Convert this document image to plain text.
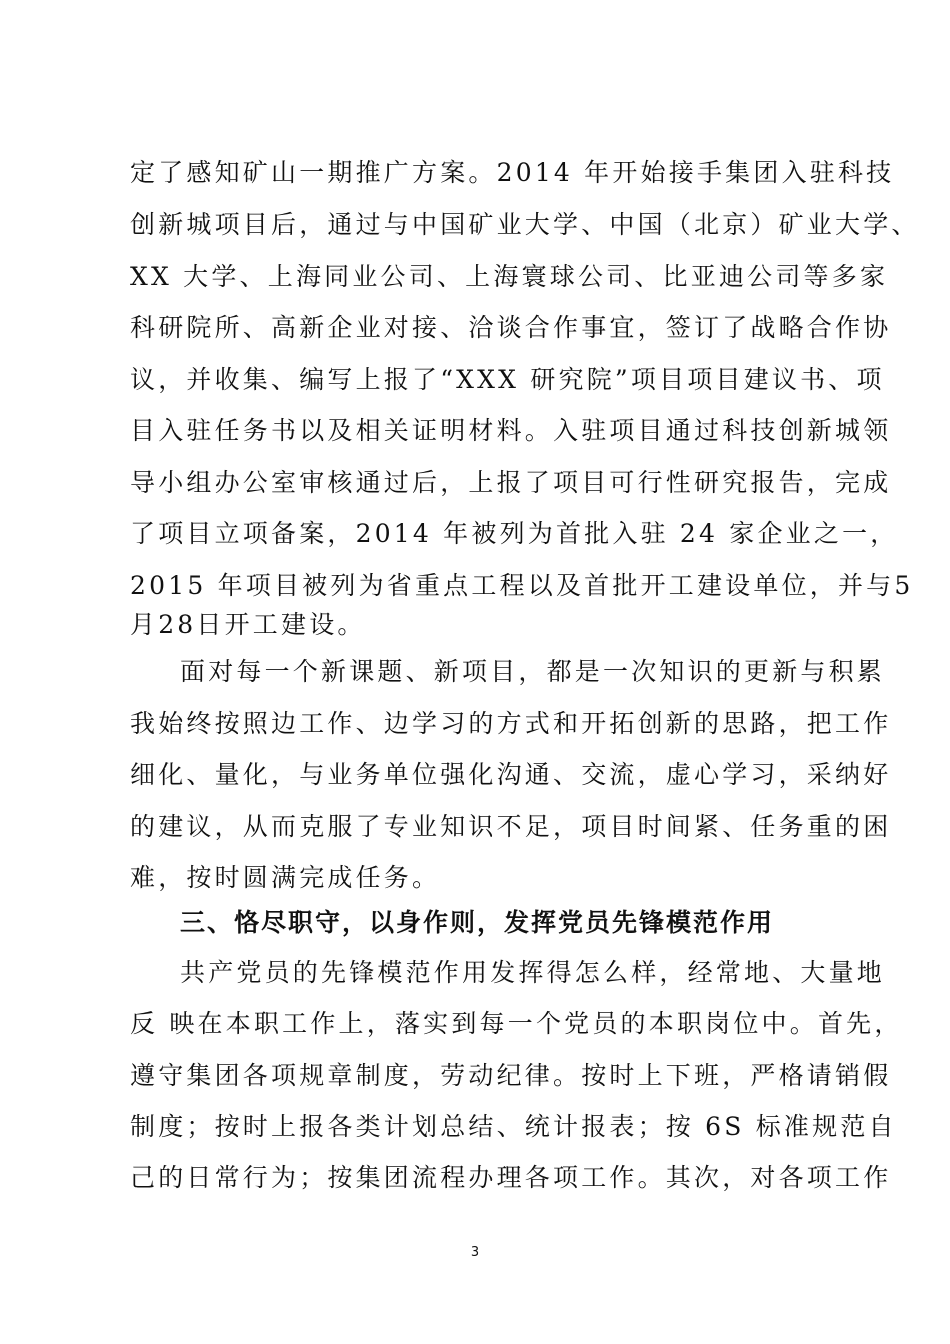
定了感知矿山一期推广方案。2014 年开始接手集团入驻科技
创新城项目后，通过与中国矿业大学、中国（北京）矿业大学、
XX 大学、上海同业公司、上海寰球公司、比亚迪公司等多家
科研院所、高新企业对接、洽谈合作事宜，签订了战略合作协
议，并收集、编写上报了“XXX 研究院”项目项目建议书、项
目入驻任务书以及相关证明材料。入驻项目通过科技创新城领
导小组办公室审核通过后，上报了项目可行性研究报告，完成
了项目立项备案，2014 年被列为首批入驻 24 家企业之一，
2015 年项目被列为省重点工程以及首批开工建设单位，并与5
月28日开工建设。
面对每一个新课题、新项目，都是一次知识的更新与积累
我始终按照边工作、边学习的方式和开拓创新的思路，把工作
细化、量化，与业务单位强化沟通、交流，虚心学习，采纳好
的建议，从而克服了专业知识不足，项目时间紧、任务重的困
难，按时圆满完成任务。
三、恪尽职守，以身作则，发挥党员先锋模范作用
共产党员的先锋模范作用发挥得怎么样，经常地、大量地
反 映在本职工作上，落实到每一个党员的本职岗位中。首先，
遵守集团各项规章制度，劳动纪律。按时上下班，严格请销假
制度；按时上报各类计划总结、统计报表；按 6S 标准规范自
己的日常行为；按集团流程办理各项工作。其次，对各项工作
3
